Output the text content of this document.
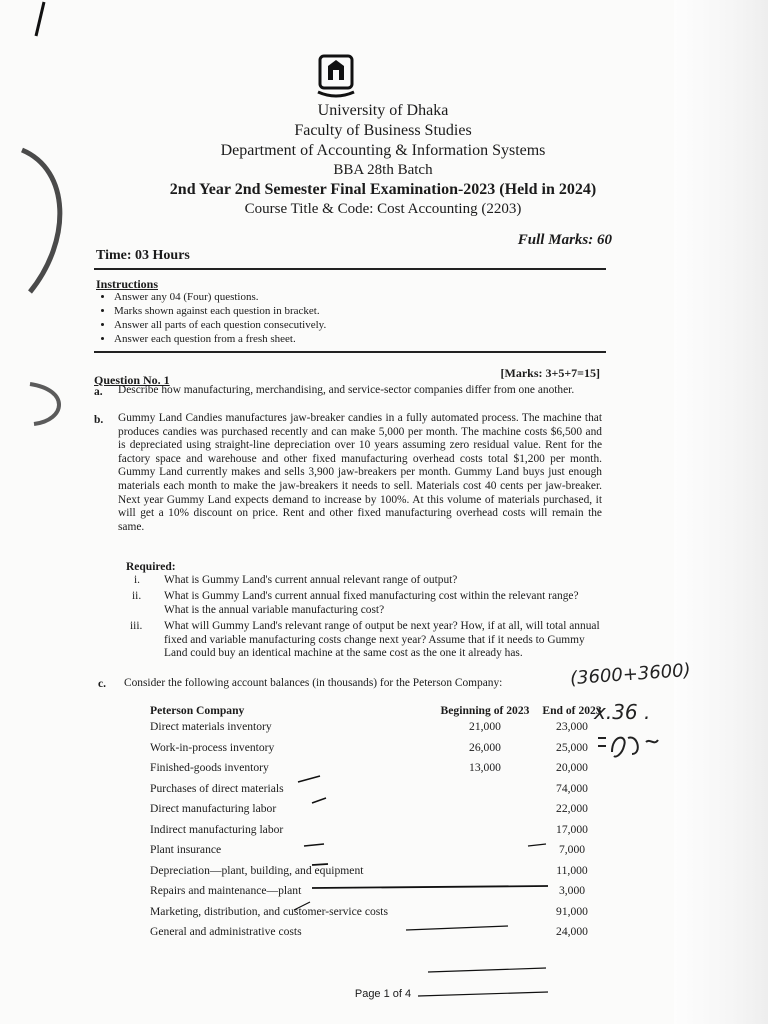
University of Dhaka
Faculty of Business Studies
Department of Accounting & Information Systems
BBA 28th Batch
2nd Year 2nd Semester Final Examination-2023 (Held in 2024)
Course Title & Code: Cost Accounting (2203)
Time: 03 Hours
Full Marks: 60
Instructions
• Answer any 04 (Four) questions.
• Marks shown against each question in bracket.
• Answer all parts of each question consecutively.
• Answer each question from a fresh sheet.
Question No. 1	[Marks: 3+5+7=15]
a. Describe how manufacturing, merchandising, and service-sector companies differ from one another.
b. Gummy Land Candies manufactures jaw-breaker candies in a fully automated process. The machine that produces candies was purchased recently and can make 5,000 per month. The machine costs $6,500 and is depreciated using straight-line depreciation over 10 years assuming zero residual value. Rent for the factory space and warehouse and other fixed manufacturing overhead costs total $1,200 per month. Gummy Land currently makes and sells 3,900 jaw-breakers per month. Gummy Land buys just enough materials each month to make the jaw-breakers it needs to sell. Materials cost 40 cents per jaw-breaker. Next year Gummy Land expects demand to increase by 100%. At this volume of materials purchased, it will get a 10% discount on price. Rent and other fixed manufacturing overhead costs will remain the same.
Required:
i. What is Gummy Land's current annual relevant range of output?
ii. What is Gummy Land's current annual fixed manufacturing cost within the relevant range? What is the annual variable manufacturing cost?
iii. What will Gummy Land's relevant range of output be next year? How, if at all, will total annual fixed and variable manufacturing costs change next year? Assume that if it needs to Gummy Land could buy an identical machine at the same cost as the one it already has.
c. Consider the following account balances (in thousands) for the Peterson Company:
Peterson Company	Beginning of 2023	End of 2023
Direct materials inventory	21,000	23,000
Work-in-process inventory	26,000	25,000
Finished-goods inventory	13,000	20,000
Purchases of direct materials		74,000
Direct manufacturing labor		22,000
Indirect manufacturing labor		17,000
Plant insurance		7,000
Depreciation—plant, building, and equipment		11,000
Repairs and maintenance—plant		3,000
Marketing, distribution, and customer-service costs		91,000
General and administrative costs		24,000
Page 1 of 4
(3600+3600)
x.36 .
